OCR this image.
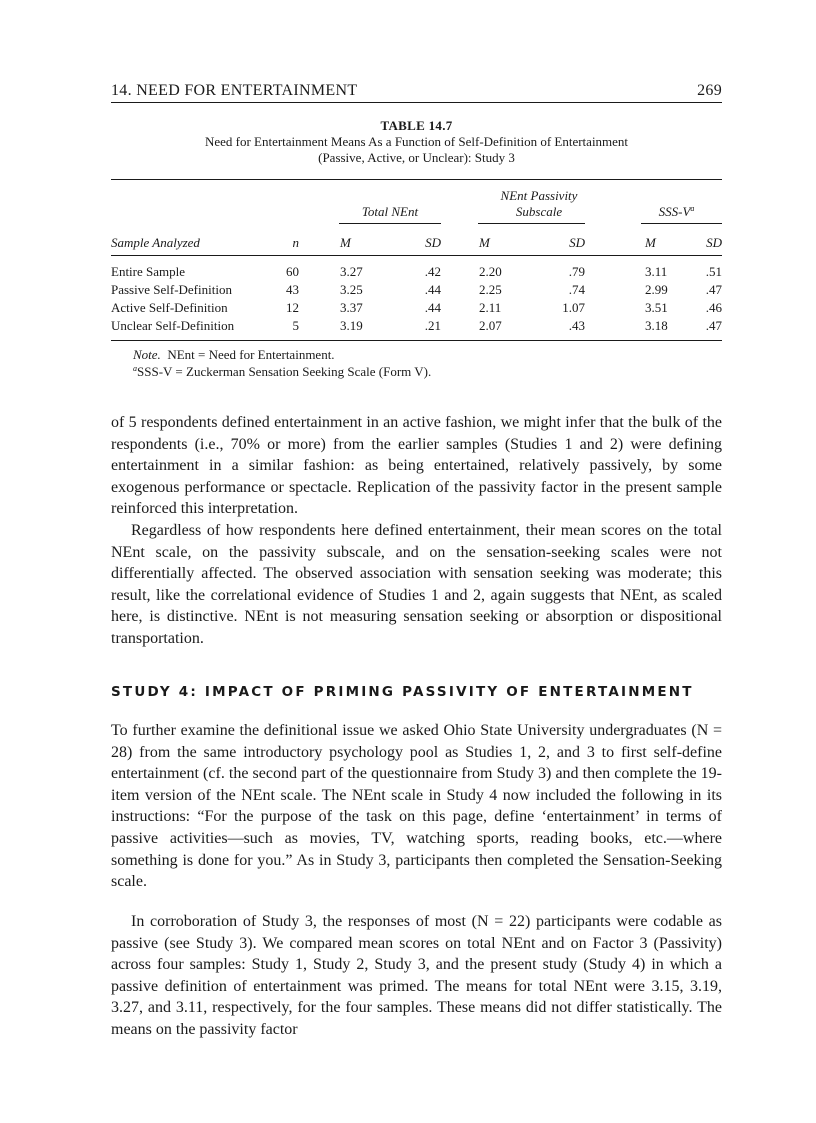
14. NEED FOR ENTERTAINMENT	269
TABLE 14.7
Need for Entertainment Means As a Function of Self-Definition of Entertainment
(Passive, Active, or Unclear): Study 3
Total NEnt
NEnt Passivity
Subscale	SSS-$V^a$
Sample Analyzed	n	M	SD	M	SD	M	SD
Entire Sample	60	3.27	.42	2.20	.79	3.11	.51
Passive Self-Definition	43	3.25	.44	2.25	.74	2.99	.47
Active Self-Definition	12	3.37	.44	2.11	1.07	3.51	.46
Unclear Self-Definition	5	3.19	.21	2.07	.43	3.18	.47
Note. NEnt = Need for Entertainment.
$^a$SSS-V = Zuckerman Sensation Seeking Scale (Form V).

of 5 respondents defined entertainment in an active fashion, we might infer that the bulk of the respondents (i.e., 70% or more) from the earlier samples (Studies 1 and 2) were defining entertainment in a similar fashion: as being entertained, relatively passively, by some exogenous performance or spectacle. Replication of the passivity factor in the present sample reinforced this interpretation.

Regardless of how respondents here defined entertainment, their mean scores on the total NEnt scale, on the passivity subscale, and on the sensation-seeking scales were not differentially affected. The observed association with sensation seeking was moderate; this result, like the correlational evidence of Studies 1 and 2, again suggests that NEnt, as scaled here, is distinctive. NEnt is not measuring sensation seeking or absorption or dispositional transportation.

STUDY 4: IMPACT OF PRIMING PASSIVITY OF ENTERTAINMENT

To further examine the definitional issue we asked Ohio State University undergraduates (N = 28) from the same introductory psychology pool as Studies 1, 2, and 3 to first self-define entertainment (cf. the second part of the questionnaire from Study 3) and then complete the 19-item version of the NEnt scale. The NEnt scale in Study 4 now included the following in its instructions: “For the purpose of the task on this page, define ‘entertainment’ in terms of passive activities—such as movies, TV, watching sports, reading books, etc.—where something is done for you.” As in Study 3, participants then completed the Sensation-Seeking scale.

In corroboration of Study 3, the responses of most (N = 22) participants were codable as passive (see Study 3). We compared mean scores on total NEnt and on Factor 3 (Passivity) across four samples: Study 1, Study 2, Study 3, and the present study (Study 4) in which a passive definition of entertainment was primed. The means for total NEnt were 3.15, 3.19, 3.27, and 3.11, respectively, for the four samples. These means did not differ statistically. The means on the passivity factor
